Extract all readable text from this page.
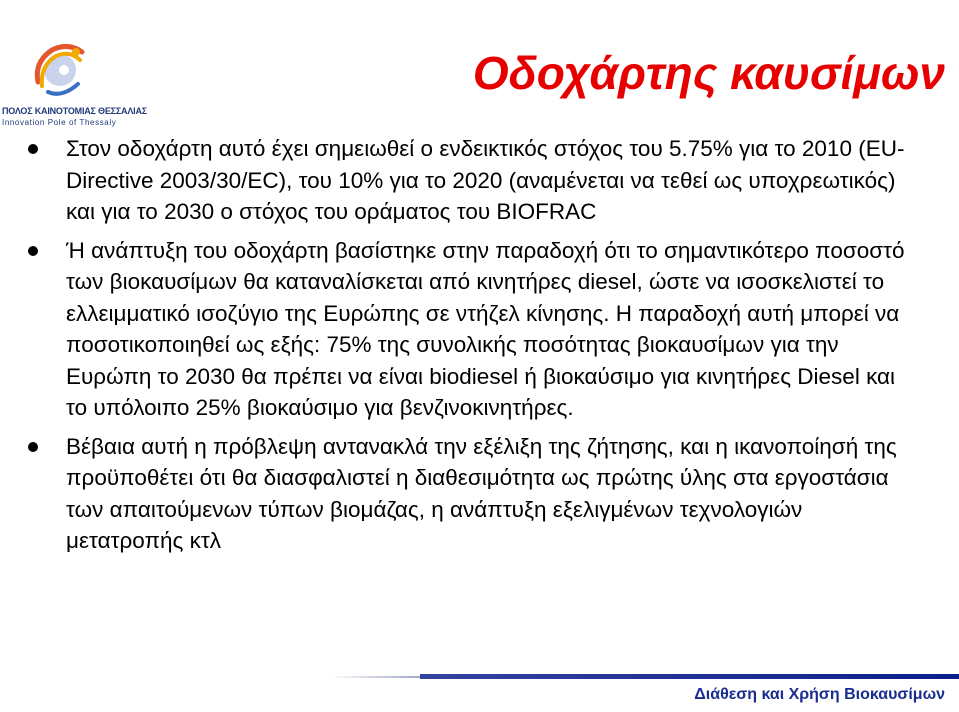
ΠΟΛΟΣ ΚΑΙΝΟΤΟΜΙΑΣ ΘΕΣΣΑΛΙΑΣ
Innovation Pole of Thessaly
Οδοχάρτης καυσίμων
Στον οδοχάρτη αυτό έχει σημειωθεί ο ενδεικτικός στόχος του 5.75% για το 2010 (EU-Directive 2003/30/EC), του 10% για το 2020 (αναμένεται να τεθεί ως υποχρεωτικός) και για το 2030 ο στόχος του οράματος του BIOFRAC
Ή ανάπτυξη του οδοχάρτη βασίστηκε στην παραδοχή ότι το σημαντικότερο ποσοστό των βιοκαυσίμων θα καταναλίσκεται από κινητήρες diesel, ώστε να ισοσκελιστεί το ελλειμματικό ισοζύγιο της Ευρώπης σε ντήζελ κίνησης. Η παραδοχή αυτή μπορεί να ποσοτικοποιηθεί ως εξής: 75% της συνολικής ποσότητας βιοκαυσίμων για την Ευρώπη το 2030 θα πρέπει να είναι biodiesel ή βιοκαύσιμο για κινητήρες Diesel και το υπόλοιπο 25% βιοκαύσιμο για βενζινοκινητήρες.
Βέβαια αυτή η πρόβλεψη αντανακλά την εξέλιξη της ζήτησης, και η ικανοποίησή της προϋποθέτει ότι θα διασφαλιστεί η διαθεσιμότητα ως πρώτης ύλης στα εργοστάσια των απαιτούμενων τύπων βιομάζας, η ανάπτυξη εξελιγμένων τεχνολογιών μετατροπής κτλ
Διάθεση και Χρήση Βιοκαυσίμων
